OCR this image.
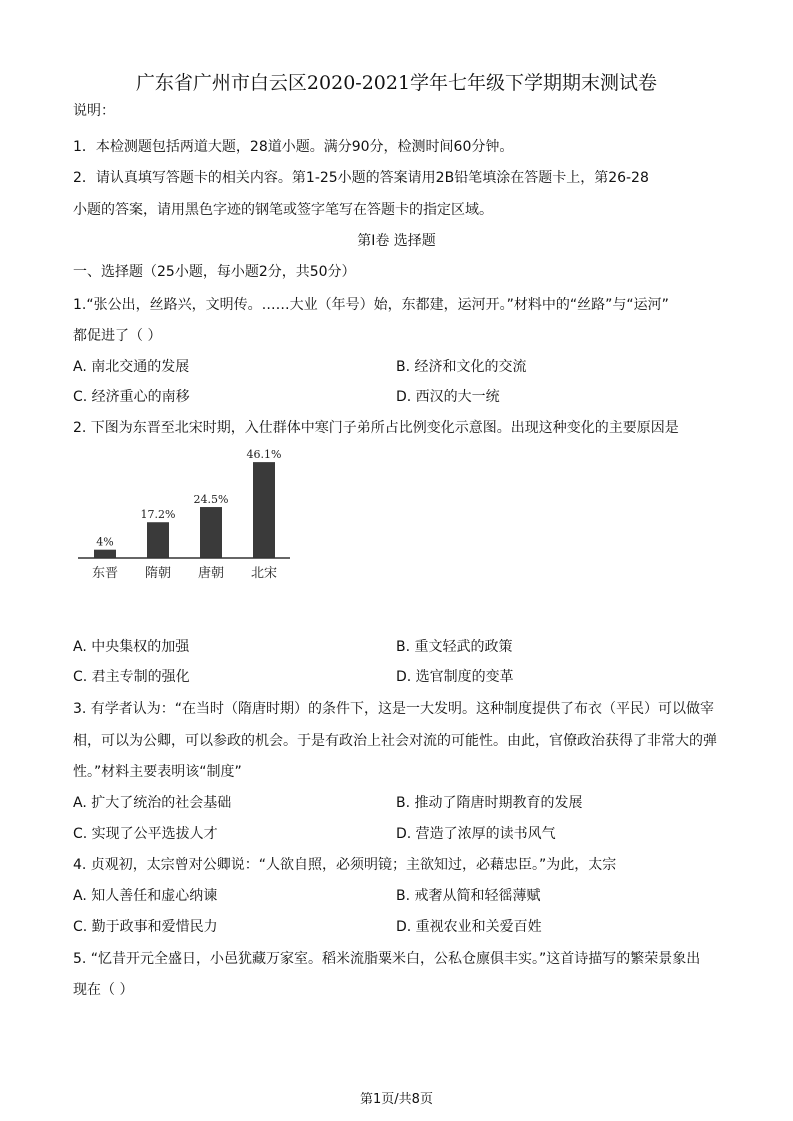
广东省广州市白云区2020-2021学年七年级下学期期末测试卷
说明：
1．本检测题包括两道大题，28道小题。满分90分，检测时间60分钟。
2．请认真填写答题卡的相关内容。第1-25小题的答案请用2B铅笔填涂在答题卡上，第26-28
小题的答案，请用黑色字迹的钢笔或签字笔写在答题卡的指定区域。
第Ⅰ卷 选择题
一、选择题（25小题，每小题2分，共50分）
1.“张公出，丝路兴，文明传。……大业（年号）始，东都建，运河开。”材料中的“丝路”与“运河”
都促进了（ ）
A. 南北交通的发展	B. 经济和文化的交流
C. 经济重心的南移	D. 西汉的大一统
2. 下图为东晋至北宋时期，入仕群体中寒门子弟所占比例变化示意图。出现这种变化的主要原因是
4%
东晋
17.2%
隋朝
24.5%
唐朝
46.1%
北宋
A. 中央集权的加强	B. 重文轻武的政策
C. 君主专制的强化	D. 选官制度的变革
3. 有学者认为：“在当时（隋唐时期）的条件下，这是一大发明。这种制度提供了布衣（平民）可以做宰
相，可以为公卿，可以参政的机会。于是有政治上社会对流的可能性。由此，官僚政治获得了非常大的弹
性。”材料主要表明该“制度”
A. 扩大了统治的社会基础	B. 推动了隋唐时期教育的发展
C. 实现了公平选拔人才	D. 营造了浓厚的读书风气
4. 贞观初，太宗曾对公卿说：“人欲自照，必须明镜；主欲知过，必藉忠臣。”为此，太宗
A. 知人善任和虚心纳谏	B. 戒奢从简和轻徭薄赋
C. 勤于政事和爱惜民力	D. 重视农业和关爱百姓
5. “忆昔开元全盛日，小邑犹藏万家室。稻米流脂粟米白，公私仓廪俱丰实。”这首诗描写的繁荣景象出
现在（ ）
第1页/共8页
